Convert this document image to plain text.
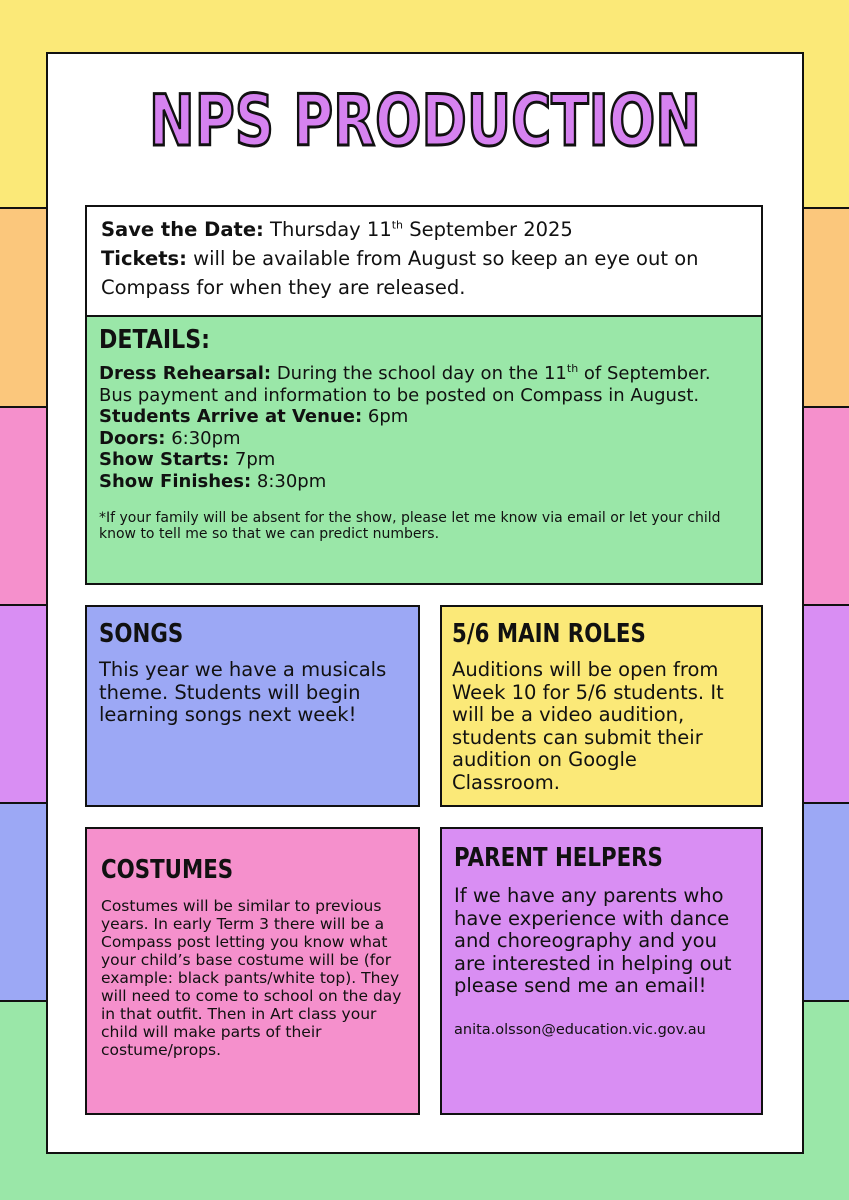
NPS PRODUCTION

Save the Date: Thursday 11th September 2025

Tickets: will be available from August so keep an eye out on Compass for when they are released.

DETAILS:

Dress Rehearsal: During the school day on the 11th of September. Bus payment and information to be posted on Compass in August.

Students Arrive at Venue: 6pm

Doors: 6:30pm

Show Starts: 7pm

Show Finishes: 8:30pm

*If your family will be absent for the show, please let me know via email or let your child know to tell me so that we can predict numbers.

SONGS

This year we have a musicals theme. Students will begin learning songs next week!

5/6 MAIN ROLES

Auditions will be open from Week 10 for 5/6 students. It will be a video audition, students can submit their audition on Google Classroom.

COSTUMES

Costumes will be similar to previous years. In early Term 3 there will be a Compass post letting you know what your child’s base costume will be (for example: black pants/white top). They will need to come to school on the day in that outfit. Then in Art class your child will make parts of their costume/props.

PARENT HELPERS

If we have any parents who have experience with dance and choreography and you are interested in helping out please send me an email!

anita.olsson@education.vic.gov.au
